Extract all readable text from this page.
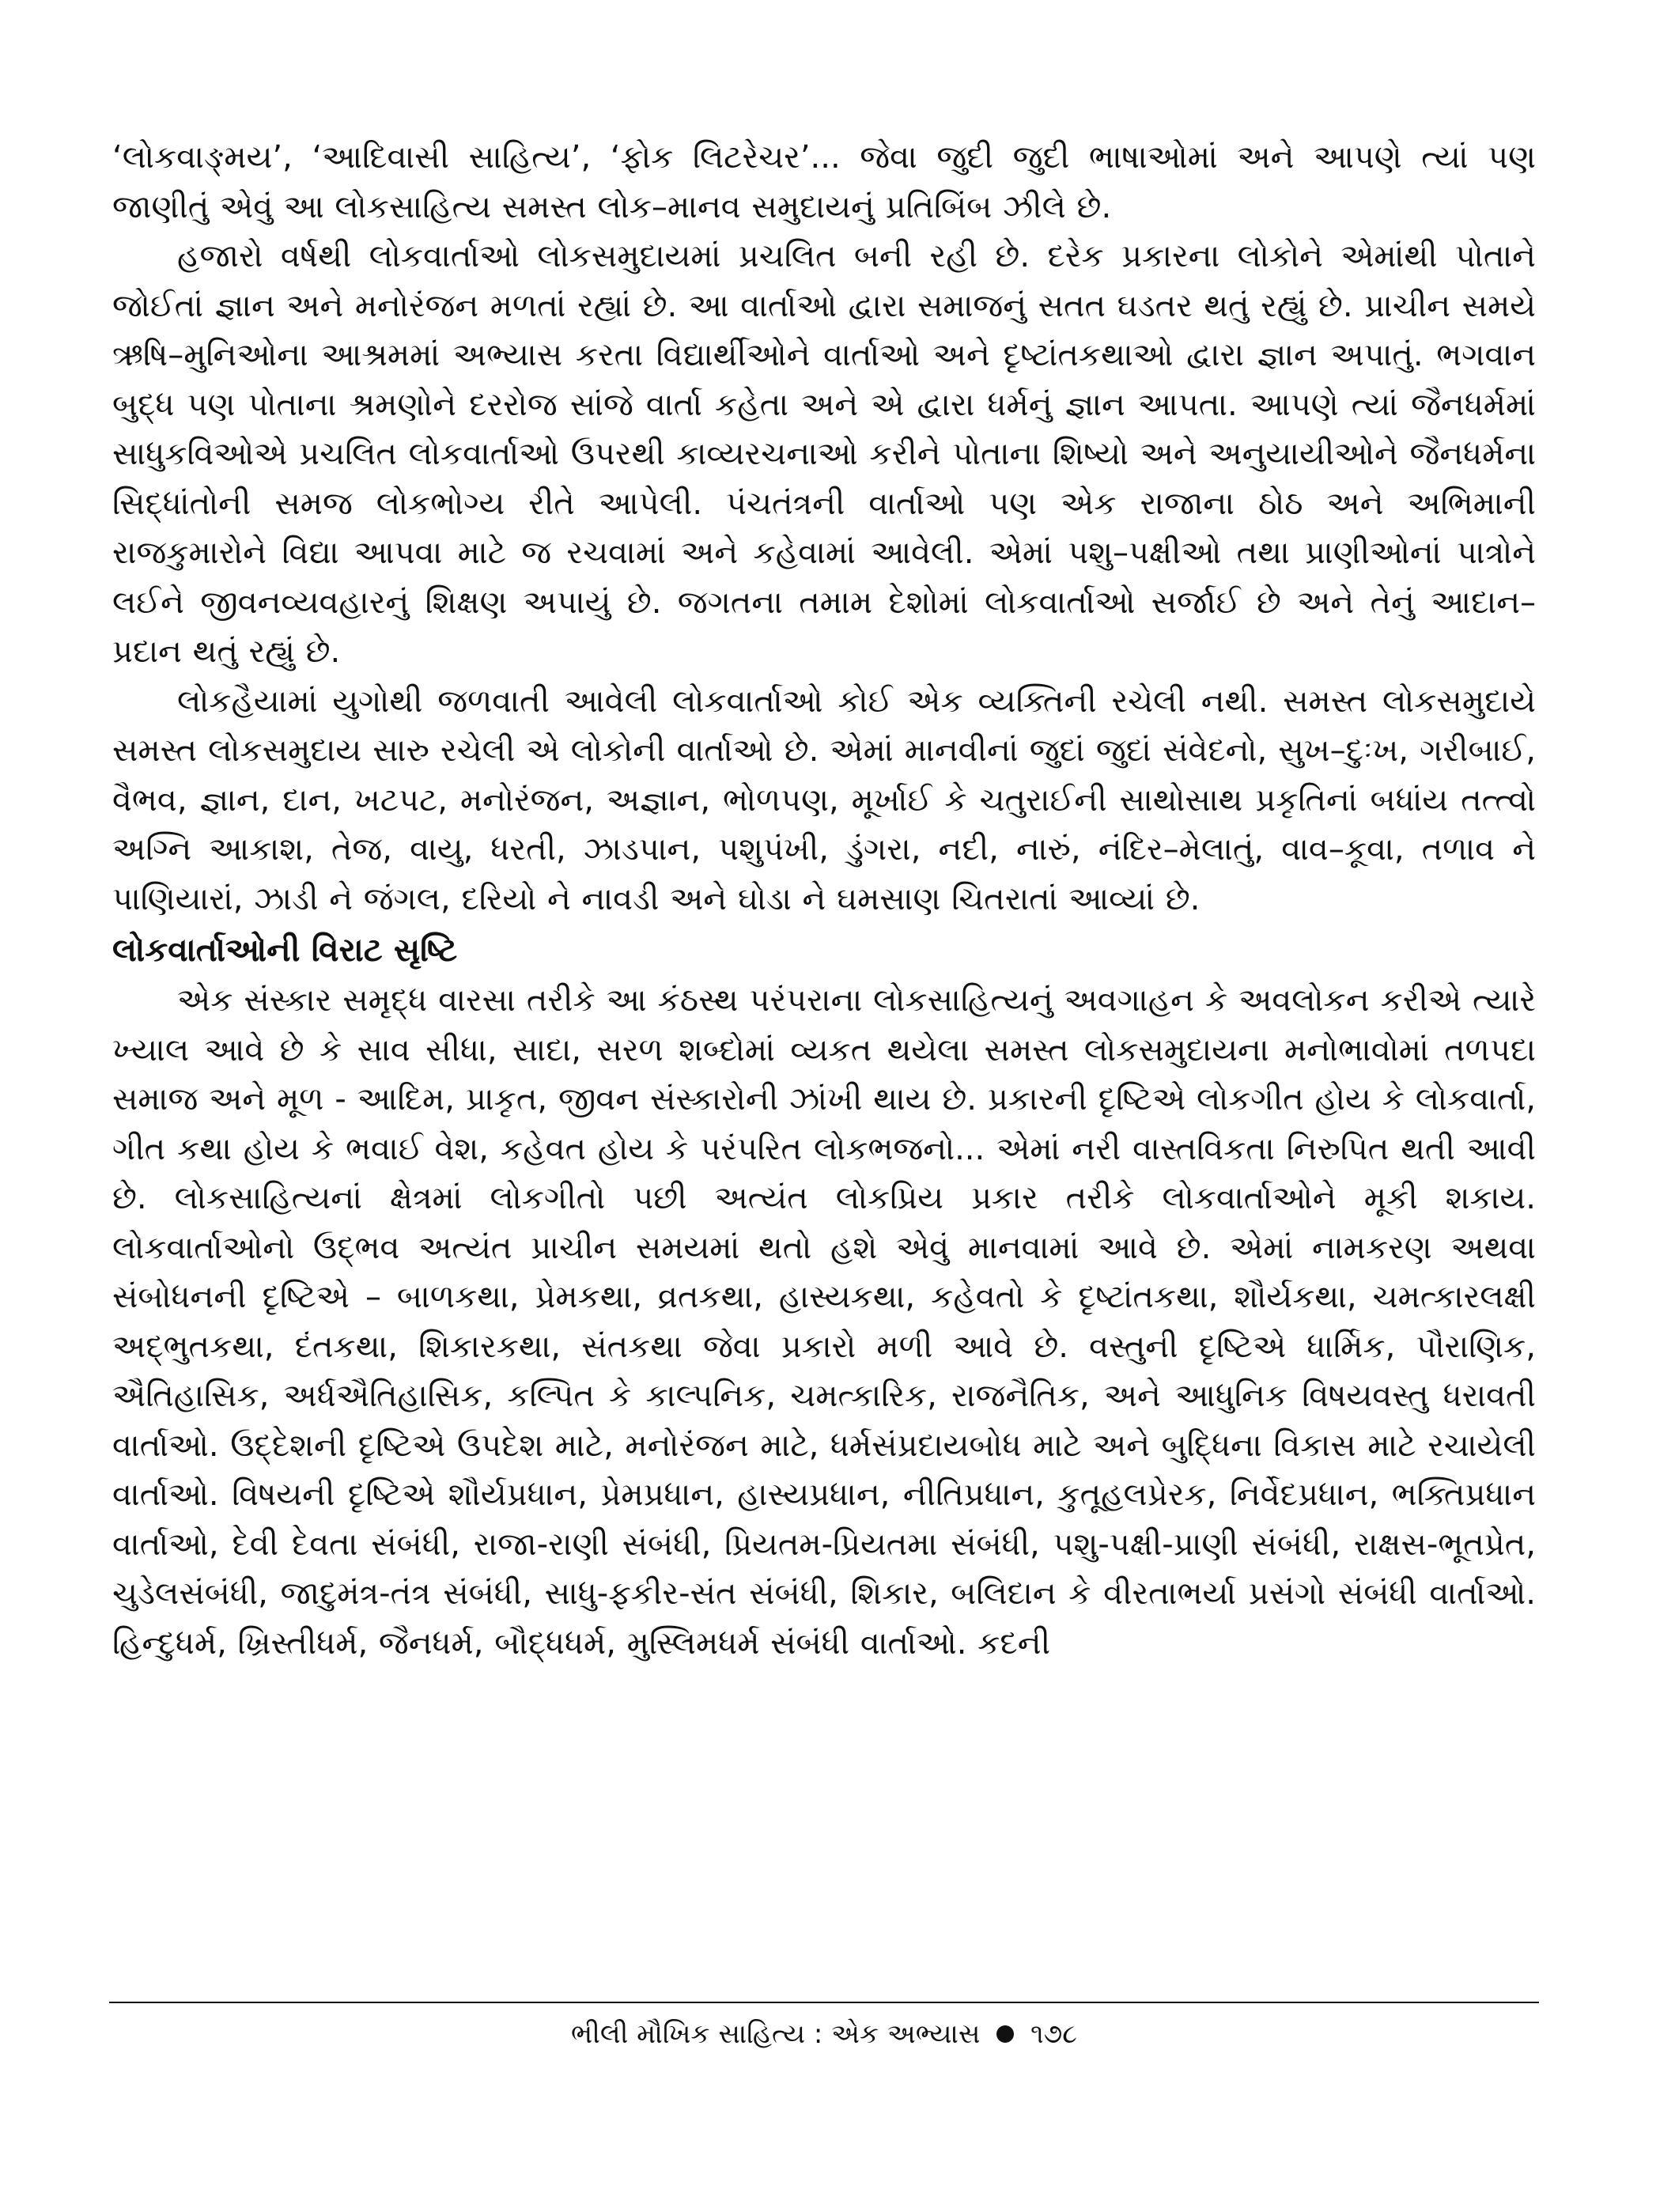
‘લોકવાઙ્‌મય’, ‘આદિવાસી સાહિત્ય’, ‘ફોક લિટરેચર’... જેવા જુદી જુદી ભાષાઓમાં અને આપણે ત્યાં પણ જાણીતું એવું આ લોકસાહિત્ય સમસ્ત લોક–માનવ સમુદાયનું પ્રતિબિંબ ઝીલે છે.

હજારો વર્ષથી લોકવાર્તાઓ લોકસમુદાયમાં પ્રચલિત બની રહી છે. દરેક પ્રકારના લોકોને એમાંથી પોતાને જોઈતાં જ્ઞાન અને મનોરંજન મળતાં રહ્યાં છે. આ વાર્તાઓ દ્વારા સમાજનું સતત ઘડતર થતું રહ્યું છે. પ્રાચીન સમયે ઋષિ–મુનિઓના આશ્રમમાં અભ્યાસ કરતા વિદ્યાર્થીઓને વાર્તાઓ અને દૃષ્ટાંતકથાઓ દ્વારા જ્ઞાન અપાતું. ભગવાન બુદ્ધ પણ પોતાના શ્રમણોને દરરોજ સાંજે વાર્તા કહેતા અને એ દ્વારા ધર્મનું જ્ઞાન આપતા. આપણે ત્યાં જૈનધર્મમાં સાધુકવિઓએ પ્રચલિત લોકવાર્તાઓ ઉપરથી કાવ્યરચનાઓ કરીને પોતાના શિષ્યો અને અનુયાયીઓને જૈનધર્મના સિદ્ધાંતોની સમજ લોકભોગ્ય રીતે આપેલી. પંચતંત્રની વાર્તાઓ પણ એક રાજાના ઠોઠ અને અભિમાની રાજકુમારોને વિદ્યા આપવા માટે જ રચવામાં અને કહેવામાં આવેલી. એમાં પશુ–પક્ષીઓ તથા પ્રાણીઓનાં પાત્રોને લઈને જીવનવ્યવહારનું શિક્ષણ અપાયું છે. જગતના તમામ દેશોમાં લોકવાર્તાઓ સર્જાઈ છે અને તેનું આદાન–પ્રદાન થતું રહ્યું છે.

લોકહૈયામાં યુગોથી જળવાતી આવેલી લોકવાર્તાઓ કોઈ એક વ્યક્તિની રચેલી નથી. સમસ્ત લોકસમુદાયે સમસ્ત લોકસમુદાય સારુ રચેલી એ લોકોની વાર્તાઓ છે. એમાં માનવીનાં જુદાં જુદાં સંવેદનો, સુખ–દુઃખ, ગરીબાઈ, વૈભવ, જ્ઞાન, દાન, ખટપટ, મનોરંજન, અજ્ઞાન, ભોળપણ, મૂર્ખાઈ કે ચતુરાઈની સાથોસાથ પ્રકૃતિનાં બધાંય તત્ત્વો અગ્નિ આકાશ, તેજ, વાયુ, ધરતી, ઝાડપાન, પશુપંખી, ડુંગરા, નદી, નારું, નંદિર–મેલાતું, વાવ–કૂવા, તળાવ ને પાણિયારાં, ઝાડી ને જંગલ, દરિયો ને નાવડી અને ઘોડા ને ઘમસાણ ચિતરાતાં આવ્યાં છે.

લોકવાર્તાઓની વિરાટ સૃષ્ટિ

એક સંસ્કાર સમૃદ્ધ વારસા તરીકે આ કંઠસ્થ પરંપરાના લોકસાહિત્યનું અવગાહન કે અવલોકન કરીએ ત્યારે ખ્યાલ આવે છે કે સાવ સીધા, સાદા, સરળ શબ્દોમાં વ્યકત થયેલા સમસ્ત લોકસમુદાયના મનોભાવોમાં તળપદા સમાજ અને મૂળ - આદિમ, પ્રાકૃત, જીવન સંસ્કારોની ઝાંખી થાય છે. પ્રકારની દૃષ્ટિએ લોકગીત હોય કે લોકવાર્તા, ગીત કથા હોય કે ભવાઈ વેશ, કહેવત હોય કે પરંપરિત લોકભજનો... એમાં નરી વાસ્તવિકતા નિરુપિત થતી આવી છે. લોકસાહિત્યનાં ક્ષેત્રમાં લોકગીતો પછી અત્યંત લોકપ્રિય પ્રકાર તરીકે લોકવાર્તાઓને મૂકી શકાય. લોકવાર્તાઓનો ઉદ્ભવ અત્યંત પ્રાચીન સમયમાં થતો હશે એવું માનવામાં આવે છે. એમાં નામકરણ અથવા સંબોધનની દૃષ્ટિએ – બાળકથા, પ્રેમકથા, વ્રતકથા, હાસ્યકથા, કહેવતો કે દૃષ્ટાંતકથા, શૌર્યકથા, ચમત્કારલક્ષી અદ્ભુતકથા, દંતકથા, શિકારકથા, સંતકથા જેવા પ્રકારો મળી આવે છે. વસ્તુની દૃષ્ટિએ ધાર્મિક, પૌરાણિક, ઐતિહાસિક, અર્ધઐતિહાસિક, કલ્પિત કે કાલ્પનિક, ચમત્કારિક, રાજનૈતિક, અને આધુનિક વિષયવસ્તુ ધરાવતી વાર્તાઓ. ઉદ્દેશની દૃષ્ટિએ ઉપદેશ માટે, મનોરંજન માટે, ધર્મસંપ્રદાયબોધ માટે અને બુદ્ધિના વિકાસ માટે રચાયેલી વાર્તાઓ. વિષયની દૃષ્ટિએ શૌર્યપ્રધાન, પ્રેમપ્રધાન, હાસ્યપ્રધાન, નીતિપ્રધાન, કુતૂહલપ્રેરક, નિર્વેદપ્રધાન, ભક્તિપ્રધાન વાર્તાઓ, દેવી દેવતા સંબંધી, રાજા-રાણી સંબંધી, પ્રિયતમ-પ્રિયતમા સંબંધી, પશુ-પક્ષી-પ્રાણી સંબંધી, રાક્ષસ-ભૂતપ્રેત, ચુડેલસંબંધી, જાદુમંત્ર-તંત્ર સંબંધી, સાધુ-ફકીર-સંત સંબંધી, શિકાર, બલિદાન કે વીરતાભર્યા પ્રસંગો સંબંધી વાર્તાઓ. હિન્દુધર્મ, ખ્રિસ્તીધર્મ, જૈનધર્મ, બૌદ્ધધર્મ, મુસ્લિમધર્મ સંબંધી વાર્તાઓ. કદની

ભીલી મૌખિક સાહિત્ય : એક અભ્યાસ ૧૭૮
